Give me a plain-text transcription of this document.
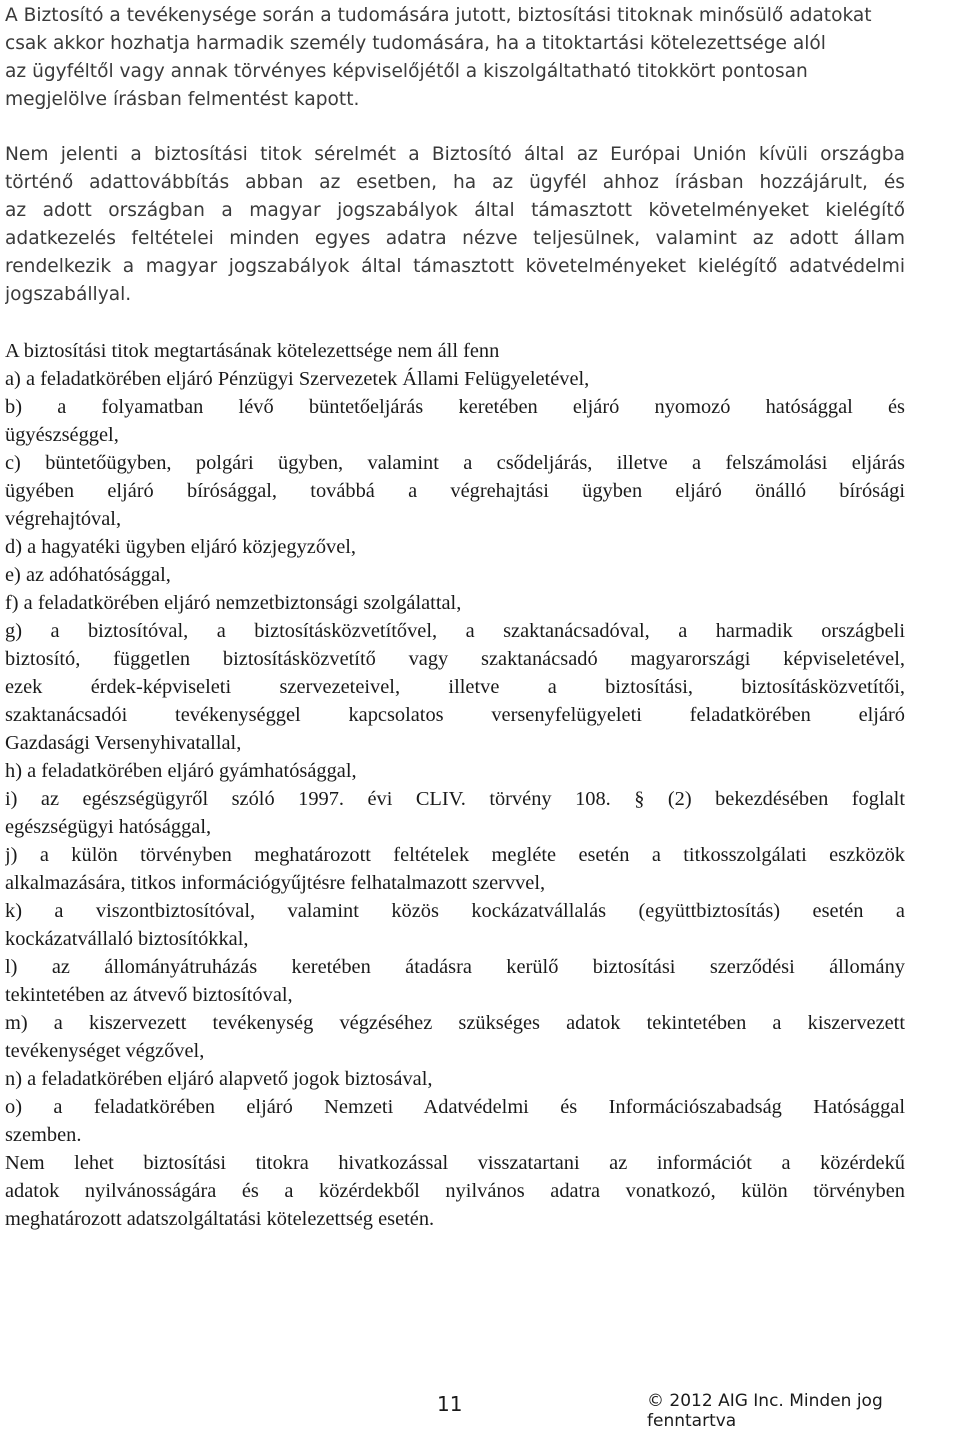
A Biztosító a tevékenysége során a tudomására jutott, biztosítási titoknak minősülő adatokat
csak akkor hozhatja harmadik személy tudomására, ha a titoktartási kötelezettsége alól
az ügyféltől vagy annak törvényes képviselőjétől a kiszolgáltatható titokkört pontosan
megjelölve írásban felmentést kapott.
Nem jelenti a biztosítási titok sérelmét a Biztosító által az Európai Unión kívüli országba
történő adattovábbítás abban az esetben, ha az ügyfél ahhoz írásban hozzájárult, és
az adott országban a magyar jogszabályok által támasztott követelményeket kielégítő
adatkezelés feltételei minden egyes adatra nézve teljesülnek, valamint az adott állam
rendelkezik a magyar jogszabályok által támasztott követelményeket kielégítő adatvédelmi
jogszabállyal.
A biztosítási titok megtartásának kötelezettsége nem áll fenn
a) a feladatkörében eljáró Pénzügyi Szervezetek Állami Felügyeletével,
b) a folyamatban lévő büntetőeljárás keretében eljáró nyomozó hatósággal és
ügyészséggel,
c) büntetőügyben, polgári ügyben, valamint a csődeljárás, illetve a felszámolási eljárás
ügyében eljáró bírósággal, továbbá a végrehajtási ügyben eljáró önálló bírósági
végrehajtóval,
d) a hagyatéki ügyben eljáró közjegyzővel,
e) az adóhatósággal,
f) a feladatkörében eljáró nemzetbiztonsági szolgálattal,
g) a biztosítóval, a biztosításközvetítővel, a szaktanácsadóval, a harmadik országbeli
biztosító, független biztosításközvetítő vagy szaktanácsadó magyarországi képviseletével,
ezek érdek-képviseleti szervezeteivel, illetve a biztosítási, biztosításközvetítői,
szaktanácsadói tevékenységgel kapcsolatos versenyfelügyeleti feladatkörében eljáró
Gazdasági Versenyhivatallal,
h) a feladatkörében eljáró gyámhatósággal,
i) az egészségügyről szóló 1997. évi CLIV. törvény 108. § (2) bekezdésében foglalt
egészségügyi hatósággal,
j) a külön törvényben meghatározott feltételek megléte esetén a titkosszolgálati eszközök
alkalmazására, titkos információgyűjtésre felhatalmazott szervvel,
k) a viszontbiztosítóval, valamint közös kockázatvállalás (együttbiztosítás) esetén a
kockázatvállaló biztosítókkal,
l) az állományátruházás keretében átadásra kerülő biztosítási szerződési állomány
tekintetében az átvevő biztosítóval,
m) a kiszervezett tevékenység végzéséhez szükséges adatok tekintetében a kiszervezett
tevékenységet végzővel,
n) a feladatkörében eljáró alapvető jogok biztosával,
o) a feladatkörében eljáró Nemzeti Adatvédelmi és Információszabadság Hatósággal
szemben.
Nem lehet biztosítási titokra hivatkozással visszatartani az információt a közérdekű
adatok nyilvánosságára és a közérdekből nyilvános adatra vonatkozó, külön törvényben
meghatározott adatszolgáltatási kötelezettség esetén.
11	© 2012 AIG Inc. Minden jog fenntartva
